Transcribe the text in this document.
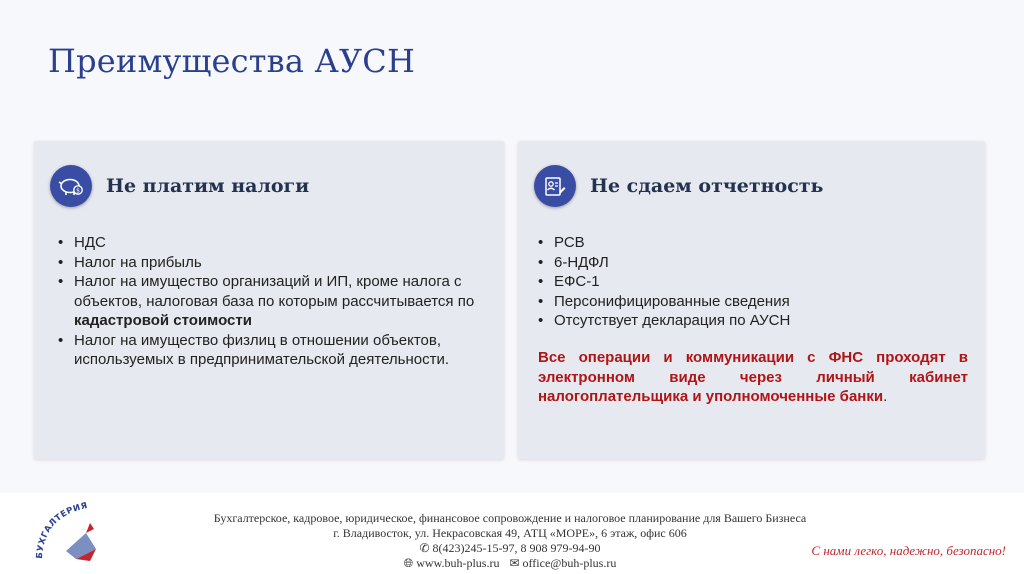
Преимущества АУСН
$ Не платим налоги
• НДС
• Налог на прибыль
• Налог на имущество организаций и ИП, кроме налога с объектов, налоговая база по которым рассчитывается по кадастровой стоимости
• Налог на имущество физлиц в отношении объектов, используемых в предпринимательской деятельности.
Не сдаем отчетность
• РСВ
• 6-НДФЛ
• ЕФС-1
• Персонифицированные сведения
• Отсутствует декларация по АУСН
Все операции и коммуникации с ФНС проходят в электронном виде через личный кабинет налогоплательщика и уполномоченные банки.
БУХГАЛТЕРИЯ
Бухгалтерское, кадровое, юридическое, финансовое сопровождение и налоговое планирование для Вашего Бизнеса
г. Владивосток, ул. Некрасовская 49, АТЦ «МОРЕ», 6 этаж, офис 606
✆ 8(423)245-15-97, 8 908 979-94-90
🌐︎ www.buh-plus.ru ✉ office@buh-plus.ru
С нами легко, надежно, безопасно!
